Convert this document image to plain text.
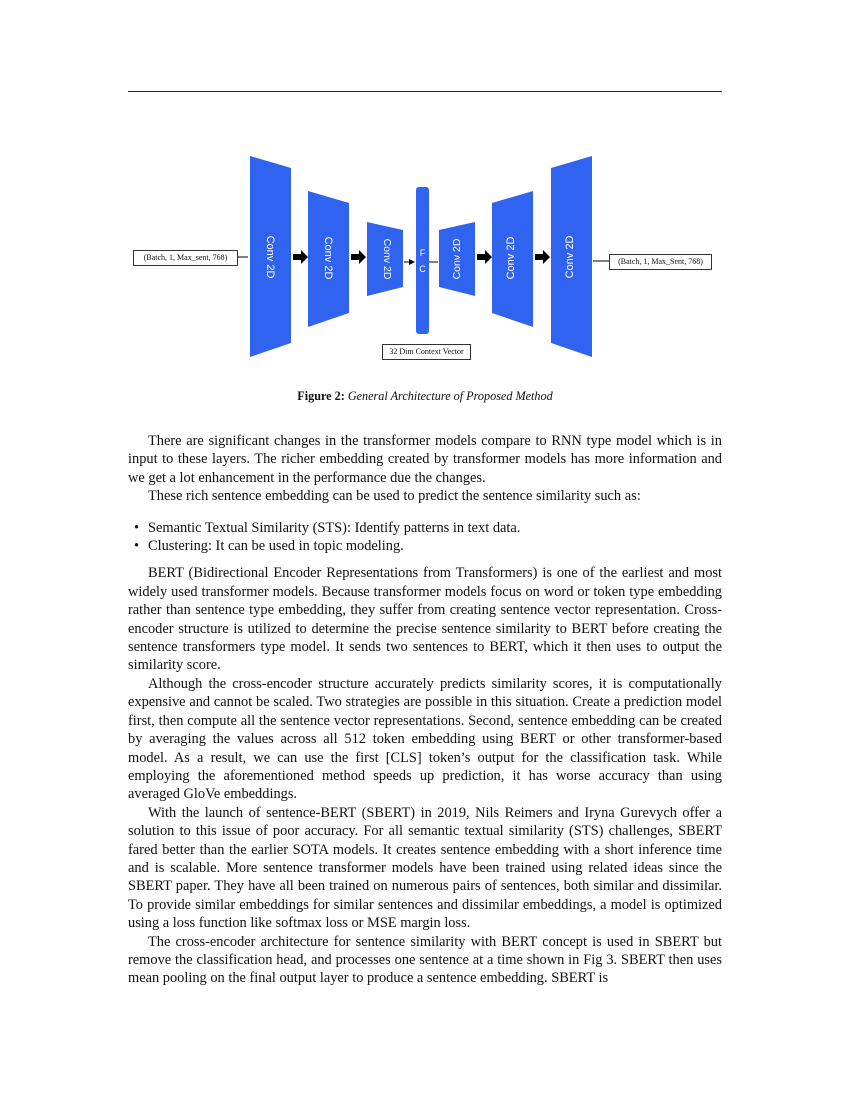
Conv 2D	Conv 2D	Conv 2D	F
C Conv 2D	Conv 2D	Conv 2D
(Batch, 1, Max_sent, 768)	(Batch, 1, Max_Sent, 768)
32 Dim Context Vector
Figure 2: General Architecture of Proposed Method

There are significant changes in the transformer models compare to RNN type model which is in input to these layers. The richer embedding created by transformer models has more information and we get a lot enhancement in the performance due the changes.

These rich sentence embedding can be used to predict the sentence similarity such as:

• Semantic Textual Similarity (STS): Identify patterns in text data.
• Clustering: It can be used in topic modeling.

BERT (Bidirectional Encoder Representations from Transformers) is one of the earliest and most widely used transformer models. Because transformer models focus on word or token type embedding rather than sentence type embedding, they suffer from creating sentence vector representation. Cross-encoder structure is utilized to determine the precise sentence similarity to BERT before creating the sentence transformers type model. It sends two sentences to BERT, which it then uses to output the similarity score.

Although the cross-encoder structure accurately predicts similarity scores, it is computationally expensive and cannot be scaled. Two strategies are possible in this situation. Create a prediction model first, then compute all the sentence vector representations. Second, sentence embedding can be created by averaging the values across all 512 token embedding using BERT or other transformer-based model. As a result, we can use the first [CLS] token’s output for the classification task. While employing the aforementioned method speeds up prediction, it has worse accuracy than using averaged GloVe embeddings.

With the launch of sentence-BERT (SBERT) in 2019, Nils Reimers and Iryna Gurevych offer a solution to this issue of poor accuracy. For all semantic textual similarity (STS) challenges, SBERT fared better than the earlier SOTA models. It creates sentence embedding with a short inference time and is scalable. More sentence transformer models have been trained using related ideas since the SBERT paper. They have all been trained on numerous pairs of sentences, both similar and dissimilar. To provide similar embeddings for similar sentences and dissimilar embeddings, a model is optimized using a loss function like softmax loss or MSE margin loss.

The cross-encoder architecture for sentence similarity with BERT concept is used in SBERT but remove the classification head, and processes one sentence at a time shown in Fig 3. SBERT then uses mean pooling on the final output layer to produce a sentence embedding. SBERT is
